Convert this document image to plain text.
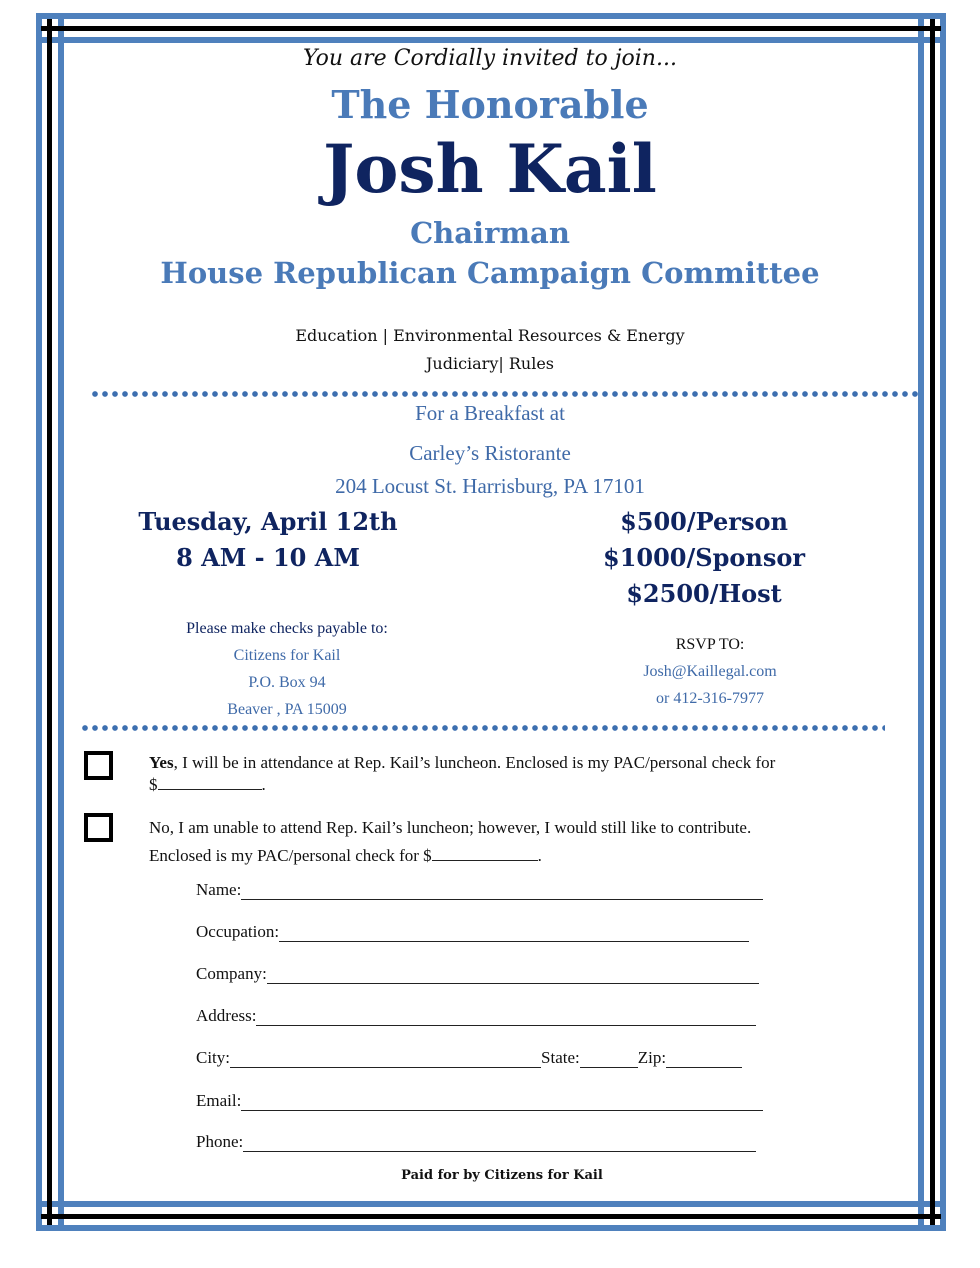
You are Cordially invited to join...
The Honorable
Josh Kail
Chairman
House Republican Campaign Committee
Education | Environmental Resources & Energy
Judiciary| Rules
For a Breakfast at
Carley’s Ristorante
204 Locust St. Harrisburg, PA 17101
Tuesday, April 12th
8 AM - 10 AM
$500/Person
$1000/Sponsor
$2500/Host
Please make checks payable to:
Citizens for Kail
P.O. Box 94
Beaver , PA 15009
RSVP TO:
Josh@Kaillegal.com
or 412-316-7977
Yes, I will be in attendance at Rep. Kail’s luncheon. Enclosed is my PAC/personal check for
$	.
No, I am unable to attend Rep. Kail’s luncheon; however, I would still like to contribute.
Enclosed is my PAC/personal check for $	.
Name:
Occupation:
Company:
Address:
City:	State:	Zip:
Email:
Phone:
Paid for by Citizens for Kail
